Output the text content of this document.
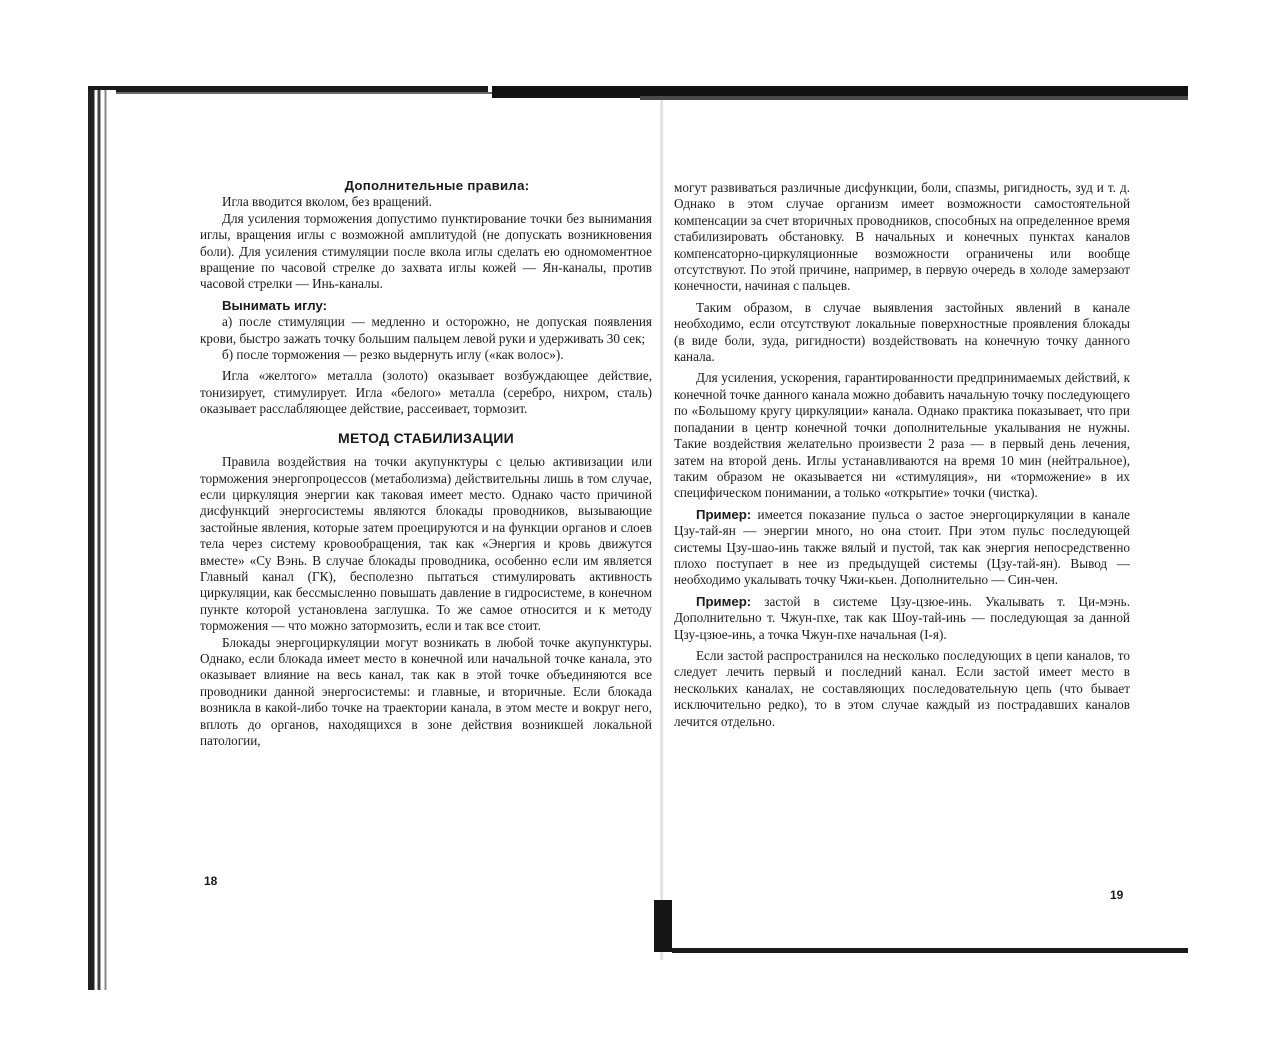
Дополнительные правила:

Игла вводится вколом, без вращений.

Для усиления торможения допустимо пунктирование точки без вынимания иглы, вращения иглы с возможной амплитудой (не допускать возникновения боли). Для усиления стимуляции после вкола иглы сделать ею одномоментное вращение по часовой стрелке до захвата иглы кожей — Ян-каналы, против часовой стрелки — Инь-каналы.

Вынимать иглу:

а) после стимуляции — медленно и осторожно, не допуская появления крови, быстро зажать точку большим пальцем левой руки и удерживать 30 сек;

б) после торможения — резко выдернуть иглу («как волос»).

Игла «желтого» металла (золото) оказывает возбуждающее действие, тонизирует, стимулирует. Игла «белого» металла (серебро, нихром, сталь) оказывает расслабляющее действие, рассеивает, тормозит.

МЕТОД СТАБИЛИЗАЦИИ

Правила воздействия на точки акупунктуры с целью активизации или торможения энергопроцессов (метаболизма) действительны лишь в том случае, если циркуляция энергии как таковая имеет место. Однако часто причиной дисфункций энергосистемы являются блокады проводников, вызывающие застойные явления, которые затем проецируются и на функции органов и слоев тела через систему кровообращения, так как «Энергия и кровь движутся вместе» «Су Вэнь. В случае блокады проводника, особенно если им является Главный канал (ГК), бесполезно пытаться стимулировать активность циркуляции, как бессмысленно повышать давление в гидросистеме, в конечном пункте которой установлена заглушка. То же самое относится и к методу торможения — что можно затормозить, если и так все стоит.

Блокады энергоциркуляции могут возникать в любой точке акупунктуры. Однако, если блокада имеет место в конечной или начальной точке канала, это оказывает влияние на весь канал, так как в этой точке объединяются все проводники данной энергосистемы: и главные, и вторичные. Если блокада возникла в какой-либо точке на траектории канала, в этом месте и вокруг него, вплоть до органов, находящихся в зоне действия возникшей локальной патологии,

18

могут развиваться различные дисфункции, боли, спазмы, ригидность, зуд и т. д. Однако в этом случае организм имеет возможности самостоятельной компенсации за счет вторичных проводников, способных на определенное время стабилизировать обстановку. В начальных и конечных пунктах каналов компенсаторно-циркуляционные возможности ограничены или вообще отсутствуют. По этой причине, например, в первую очередь в холоде замерзают конечности, начиная с пальцев.

Таким образом, в случае выявления застойных явлений в канале необходимо, если отсутствуют локальные поверхностные проявления блокады (в виде боли, зуда, ригидности) воздействовать на конечную точку данного канала.

Для усиления, ускорения, гарантированности предпринимаемых действий, к конечной точке данного канала можно добавить начальную точку последующего по «Большому кругу циркуляции» канала. Однако практика показывает, что при попадании в центр конечной точки дополнительные укалывания не нужны. Такие воздействия желательно произвести 2 раза — в первый день лечения, затем на второй день. Иглы устанавливаются на время 10 мин (нейтральное), таким образом не оказывается ни «стимуляция», ни «торможение» в их специфическом понимании, а только «открытие» точки (чистка).

Пример: имеется показание пульса о застое энергоциркуляции в канале Цзу-тай-ян — энергии много, но она стоит. При этом пульс последующей системы Цзу-шао-инь также вялый и пустой, так как энергия непосредственно плохо поступает в нее из предыдущей системы (Цзу-тай-ян). Вывод — необходимо укалывать точку Чжи-кьен. Дополнительно — Син-чен.

Пример: застой в системе Цзу-цзюе-инь. Укалывать т. Ци-мэнь. Дополнительно т. Чжун-пхе, так как Шоу-тай-инь — последующая за данной Цзу-цзюе-инь, а точка Чжун-пхе начальная (I-я).

Если застой распространился на несколько последующих в цепи каналов, то следует лечить первый и последний канал. Если застой имеет место в нескольких каналах, не составляющих последовательную цепь (что бывает исключительно редко), то в этом случае каждый из пострадавших каналов лечится отдельно.

19
